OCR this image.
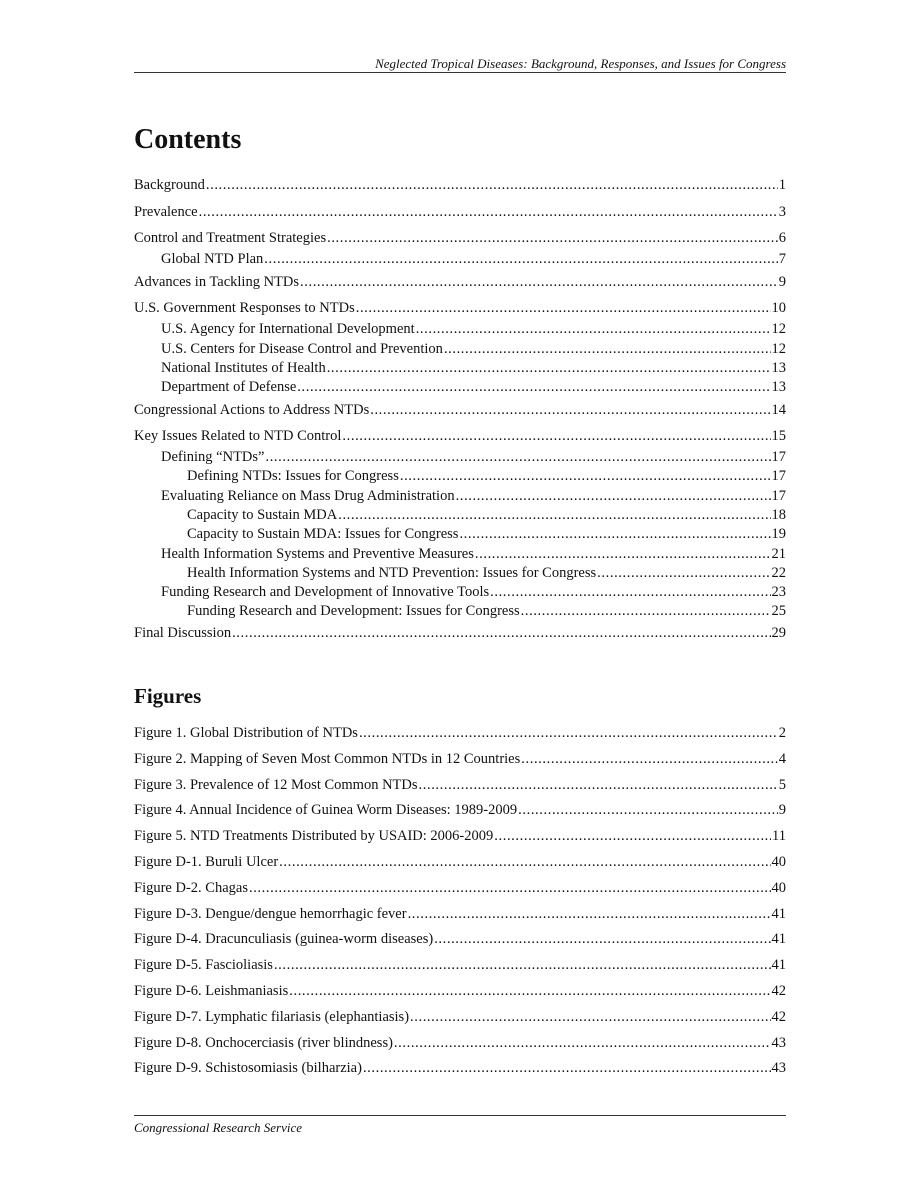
Neglected Tropical Diseases: Background, Responses, and Issues for Congress
Contents
Background .....	1
Prevalence .....	3
Control and Treatment Strategies .....	6
Global NTD Plan .....	7
Advances in Tackling NTDs .....	9
U.S. Government Responses to NTDs .....	10
U.S. Agency for International Development .....	12
U.S. Centers for Disease Control and Prevention .....	12
National Institutes of Health .....	13
Department of Defense .....	13
Congressional Actions to Address NTDs .....	14
Key Issues Related to NTD Control .....	15
Defining “NTDs” .....	17
Defining NTDs: Issues for Congress .....	17
Evaluating Reliance on Mass Drug Administration .....	17
Capacity to Sustain MDA .....	18
Capacity to Sustain MDA: Issues for Congress .....	19
Health Information Systems and Preventive Measures .....	21
Health Information Systems and NTD Prevention: Issues for Congress .....	22
Funding Research and Development of Innovative Tools .....	23
Funding Research and Development: Issues for Congress .....	25
Final Discussion .....	29
Figures
Figure 1. Global Distribution of NTDs .....	2
Figure 2. Mapping of Seven Most Common NTDs in 12 Countries .....	4
Figure 3. Prevalence of 12 Most Common NTDs .....	5
Figure 4. Annual Incidence of Guinea Worm Diseases: 1989-2009 .....	9
Figure 5. NTD Treatments Distributed by USAID: 2006-2009 .....	11
Figure D-1. Buruli Ulcer .....	40
Figure D-2. Chagas .....	40
Figure D-3. Dengue/dengue hemorrhagic fever .....	41
Figure D-4. Dracunculiasis (guinea-worm diseases) .....	41
Figure D-5. Fascioliasis .....	41
Figure D-6. Leishmaniasis .....	42
Figure D-7. Lymphatic filariasis (elephantiasis) .....	42
Figure D-8. Onchocerciasis (river blindness) .....	43
Figure D-9. Schistosomiasis (bilharzia) .....	43
Congressional Research Service
